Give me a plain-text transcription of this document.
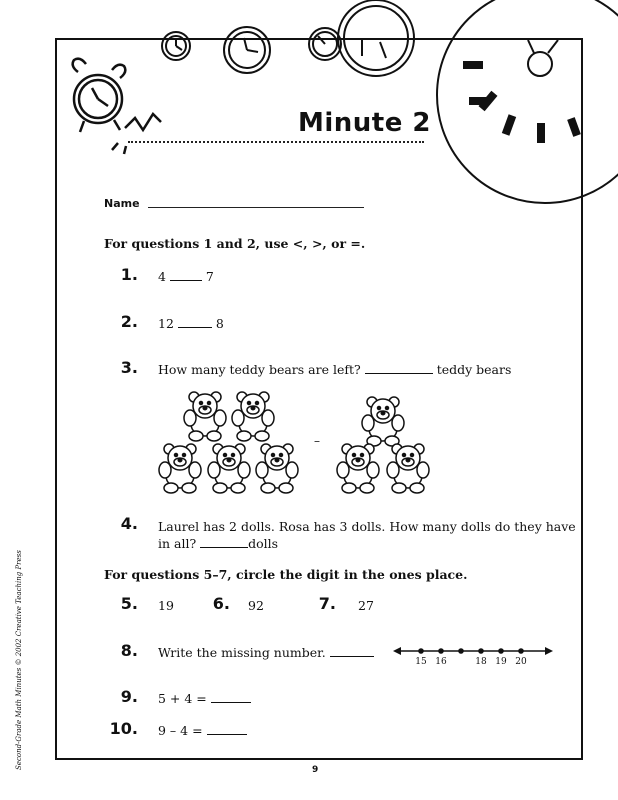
Minute 2
Name
For questions 1 and 2, use <, >, or =.
1. 4	7
2. 12	8
3. How many teddy bears are left?	teddy bears
–
4. Laurel has 2 dolls. Rosa has 3 dolls. How many dolls do they have
in all?	dolls
For questions 5–7, circle the digit in the ones place.
5. 19	6. 92	7. 27
8. Write the missing number.
15 16	18 19 20
9. 5 + 4 =
10. 9 – 4 =
Second-Grade Math Minutes © 2002 Creative Teaching Press	9
